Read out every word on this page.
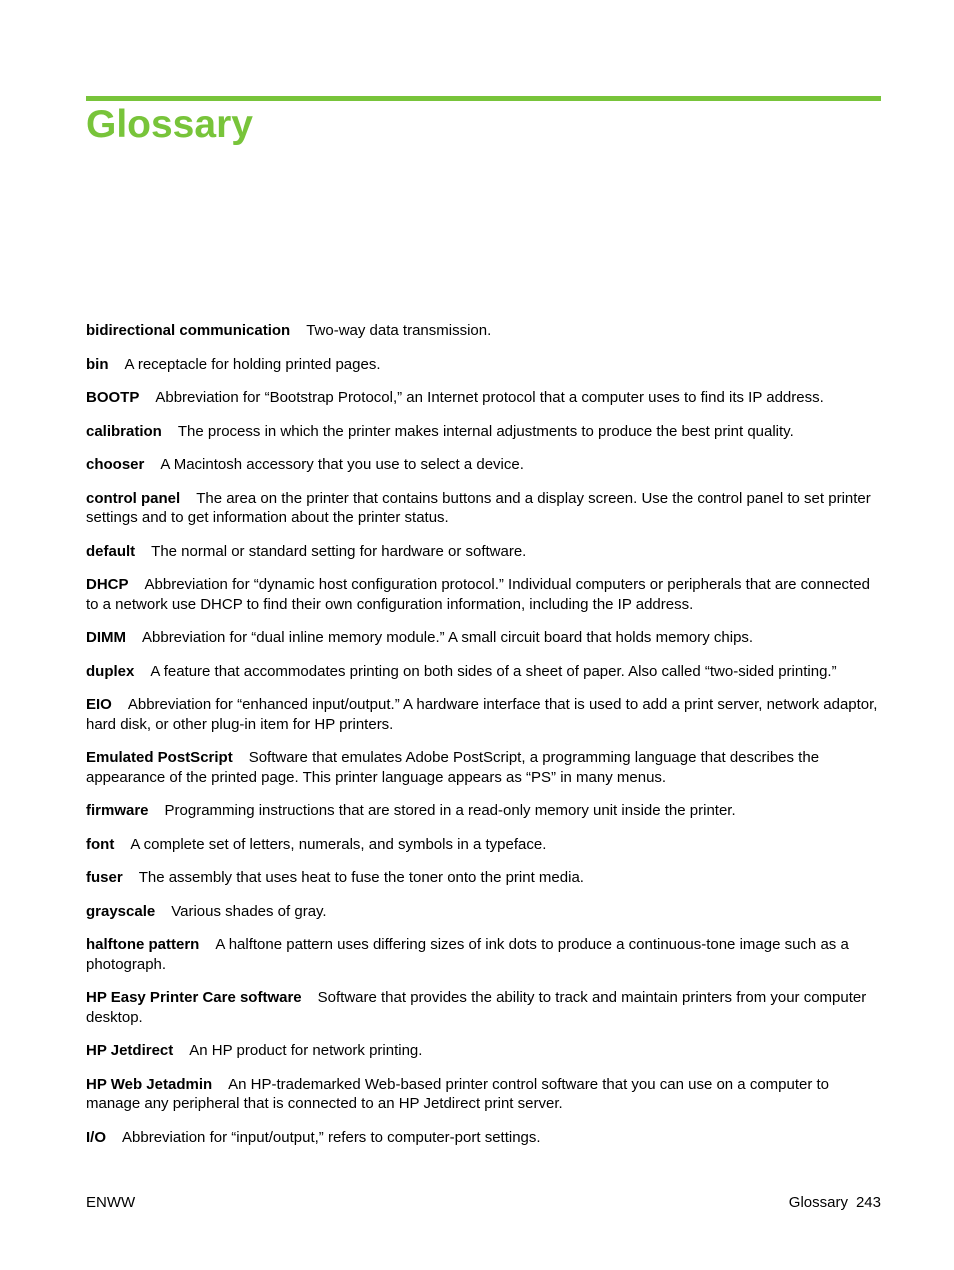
Glossary

bidirectional communication Two-way data transmission.

bin A receptacle for holding printed pages.

BOOTP Abbreviation for “Bootstrap Protocol,” an Internet protocol that a computer uses to find its IP address.

calibration The process in which the printer makes internal adjustments to produce the best print quality.

chooser A Macintosh accessory that you use to select a device.

control panel The area on the printer that contains buttons and a display screen. Use the control panel to set printer settings and to get information about the printer status.

default The normal or standard setting for hardware or software.

DHCP Abbreviation for “dynamic host configuration protocol.” Individual computers or peripherals that are connected to a network use DHCP to find their own configuration information, including the IP address.

DIMM Abbreviation for “dual inline memory module.” A small circuit board that holds memory chips.

duplex A feature that accommodates printing on both sides of a sheet of paper. Also called “two-sided printing.”

EIO Abbreviation for “enhanced input/output.” A hardware interface that is used to add a print server, network adaptor, hard disk, or other plug-in item for HP printers.

Emulated PostScript Software that emulates Adobe PostScript, a programming language that describes the appearance of the printed page. This printer language appears as “PS” in many menus.

firmware Programming instructions that are stored in a read-only memory unit inside the printer.

font A complete set of letters, numerals, and symbols in a typeface.

fuser The assembly that uses heat to fuse the toner onto the print media.

grayscale Various shades of gray.

halftone pattern A halftone pattern uses differing sizes of ink dots to produce a continuous-tone image such as a photograph.

HP Easy Printer Care software Software that provides the ability to track and maintain printers from your computer desktop.

HP Jetdirect An HP product for network printing.

HP Web Jetadmin An HP-trademarked Web-based printer control software that you can use on a computer to manage any peripheral that is connected to an HP Jetdirect print server.

I/O Abbreviation for “input/output,” refers to computer-port settings.

ENWW	Glossary 243
